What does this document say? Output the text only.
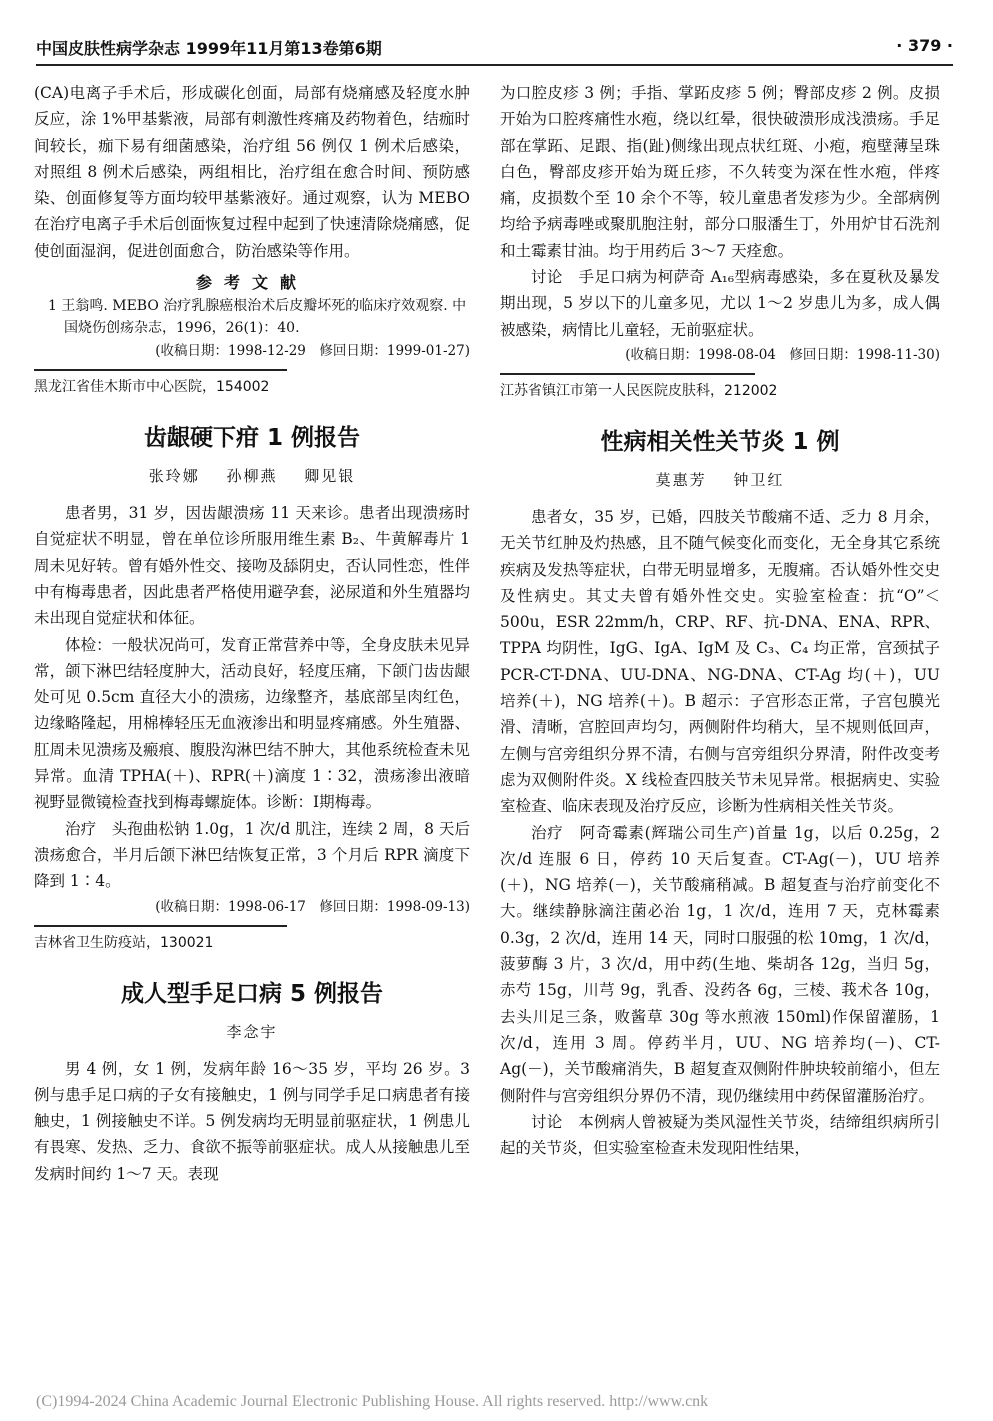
中国皮肤性病学杂志 1999年11月第13卷第6期	· 379 ·

(CA)电离子手术后，形成碳化创面，局部有烧痛感及轻度水肿反应，涂 1%甲基紫液，局部有刺激性疼痛及药物着色，结痂时间较长，痂下易有细菌感染，治疗组 56 例仅 1 例术后感染，对照组 8 例术后感染，两组相比，治疗组在愈合时间、预防感染、创面修复等方面均较甲基紫液好。通过观察，认为 MEBO 在治疗电离子手术后创面恢复过程中起到了快速清除烧痛感，促使创面湿润，促进创面愈合，防治感染等作用。

参考文献

1 王翁鸣. MEBO 治疗乳腺癌根治术后皮瓣坏死的临床疗效观察. 中国烧伤创疡杂志，1996，26(1)：40.

(收稿日期：1998-12-29　修回日期：1999-01-27)
黑龙江省佳木斯市中心医院，154002
齿龈硬下疳 1 例报告
张玲娜 孙柳燕 卿见银

患者男，31 岁，因齿龈溃疡 11 天来诊。患者出现溃疡时自觉症状不明显，曾在单位诊所服用维生素 B₂、牛黄解毒片 1 周未见好转。曾有婚外性交、接吻及舔阴史，否认同性恋，性伴中有梅毒患者，因此患者严格使用避孕套，泌尿道和外生殖器均未出现自觉症状和体征。

体检：一般状况尚可，发育正常营养中等，全身皮肤未见异常，颌下淋巴结轻度肿大，活动良好，轻度压痛，下颌门齿齿龈处可见 0.5cm 直径大小的溃疡，边缘整齐，基底部呈肉红色，边缘略隆起，用棉棒轻压无血液渗出和明显疼痛感。外生殖器、肛周未见溃疡及瘢痕、腹股沟淋巴结不肿大，其他系统检查未见异常。血清 TPHA(＋)、RPR(＋)滴度 1∶32，溃疡渗出液暗视野显微镜检查找到梅毒螺旋体。诊断：Ⅰ期梅毒。

治疗　头孢曲松钠 1.0g，1 次/d 肌注，连续 2 周，8 天后溃疡愈合，半月后颌下淋巴结恢复正常，3 个月后 RPR 滴度下降到 1∶4。

(收稿日期：1998-06-17　修回日期：1998-09-13)
吉林省卫生防疫站，130021
成人型手足口病 5 例报告
李念宇

男 4 例，女 1 例，发病年龄 16～35 岁，平均 26 岁。3 例与患手足口病的子女有接触史，1 例与同学手足口病患者有接触史，1 例接触史不详。5 例发病均无明显前驱症状，1 例患儿有畏寒、发热、乏力、食欲不振等前驱症状。成人从接触患儿至发病时间约 1～7 天。表现

为口腔皮疹 3 例；手指、掌跖皮疹 5 例；臀部皮疹 2 例。皮损开始为口腔疼痛性水疱，绕以红晕，很快破溃形成浅溃疡。手足部在掌跖、足跟、指(趾)侧缘出现点状红斑、小疱，疱壁薄呈珠白色，臀部皮疹开始为斑丘疹，不久转变为深在性水疱，伴疼痛，皮损数个至 10 余个不等，较儿童患者发疹为少。全部病例均给予病毒唑或聚肌胞注射，部分口服潘生丁，外用炉甘石洗剂和土霉素甘油。均于用药后 3～7 天痊愈。

讨论　手足口病为柯萨奇 A₁₆型病毒感染，多在夏秋及暴发期出现，5 岁以下的儿童多见，尤以 1～2 岁患儿为多，成人偶被感染，病情比儿童轻，无前驱症状。

(收稿日期：1998-08-04　修回日期：1998-11-30)
江苏省镇江市第一人民医院皮肤科，212002
性病相关性关节炎 1 例
莫惠芳 钟卫红

患者女，35 岁，已婚，四肢关节酸痛不适、乏力 8 月余，无关节红肿及灼热感，且不随气候变化而变化，无全身其它系统疾病及发热等症状，白带无明显增多，无腹痛。否认婚外性交史及性病史。其丈夫曾有婚外性交史。实验室检查：抗“O”＜500u，ESR 22mm/h，CRP、RF、抗-DNA、ENA、RPR、TPPA 均阴性，IgG、IgA、IgM 及 C₃、C₄ 均正常，宫颈拭子 PCR-CT-DNA、UU-DNA、NG-DNA、CT-Ag 均(＋)，UU 培养(＋)，NG 培养(＋)。B 超示：子宫形态正常，子宫包膜光滑、清晰，宫腔回声均匀，两侧附件均稍大，呈不规则低回声，左侧与宫旁组织分界不清，右侧与宫旁组织分界清，附件改变考虑为双侧附件炎。X 线检查四肢关节未见异常。根据病史、实验室检查、临床表现及治疗反应，诊断为性病相关性关节炎。

治疗　阿奇霉素(辉瑞公司生产)首量 1g，以后 0.25g，2 次/d 连服 6 日，停药 10 天后复查。CT-Ag(－)，UU 培养(＋)，NG 培养(－)，关节酸痛稍减。B 超复查与治疗前变化不大。继续静脉滴注菌必治 1g，1 次/d，连用 7 天，克林霉素 0.3g，2 次/d，连用 14 天，同时口服强的松 10mg，1 次/d，菠萝酶 3 片，3 次/d，用中药(生地、柴胡各 12g，当归 5g，赤芍 15g，川芎 9g，乳香、没药各 6g，三棱、莪术各 10g，去头川足三条，败酱草 30g 等水煎液 150ml)作保留灌肠，1 次/d，连用 3 周。停药半月，UU、NG 培养均(－)、CT-Ag(－)，关节酸痛消失，B 超复查双侧附件肿块较前缩小，但左侧附件与宫旁组织分界仍不清，现仍继续用中药保留灌肠治疗。

讨论　本例病人曾被疑为类风湿性关节炎，结缔组织病所引起的关节炎，但实验室检查未发现阳性结果，

(C)1994-2024 China Academic Journal Electronic Publishing House. All rights reserved. http://www.cnk
